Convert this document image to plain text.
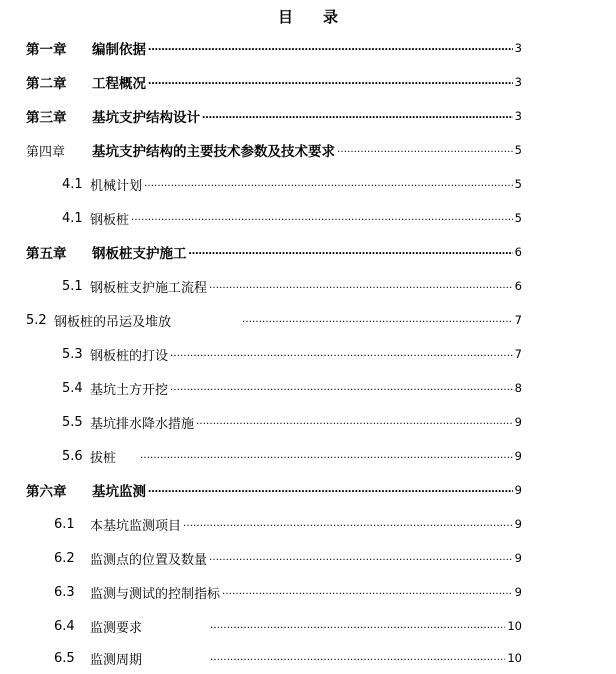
目 录
第一章	编制依据 ……………………………………………………………………………………………………………………………………………………………………………………………………	3
第二章	工程概况 ……………………………………………………………………………………………………………………………………………………………………………………………………	3
第三章	基坑支护结构设计 ……………………………………………………………………………………………………………………………………………………………………………………………………	3
第四章	基坑支护结构的主要技术参数及技术要求 ……………………………………………………………………………………………………………………………………………………………………………………………………	5
4.1 机械计划 ……………………………………………………………………………………………………………………………………………………………………………………………………	5
4.1 钢板桩 ……………………………………………………………………………………………………………………………………………………………………………………………………	5
第五章	钢板桩支护施工 ……………………………………………………………………………………………………………………………………………………………………………………………………	6
5.1 钢板桩支护施工流程 ……………………………………………………………………………………………………………………………………………………………………………………………………	6
5.2 钢板桩的吊运及堆放 ……………………………………………………………………………………………………………………………………………………………………………………………………	7
5.3 钢板桩的打设 ……………………………………………………………………………………………………………………………………………………………………………………………………	7
5.4 基坑土方开挖 ……………………………………………………………………………………………………………………………………………………………………………………………………	8
5.5 基坑排水降水措施 ……………………………………………………………………………………………………………………………………………………………………………………………………	9
5.6 拔桩 ……………………………………………………………………………………………………………………………………………………………………………………………………	9
第六章	基坑监测 ……………………………………………………………………………………………………………………………………………………………………………………………………	9
6.1	本基坑监测项目 ……………………………………………………………………………………………………………………………………………………………………………………………………	9
6.2	监测点的位置及数量 ……………………………………………………………………………………………………………………………………………………………………………………………………	9
6.3	监测与测试的控制指标 ……………………………………………………………………………………………………………………………………………………………………………………………………	9
6.4	监测要求 ……………………………………………………………………………………………………………………………………………………………………………………………………	10
6.5	监测周期 ……………………………………………………………………………………………………………………………………………………………………………………………………	10
